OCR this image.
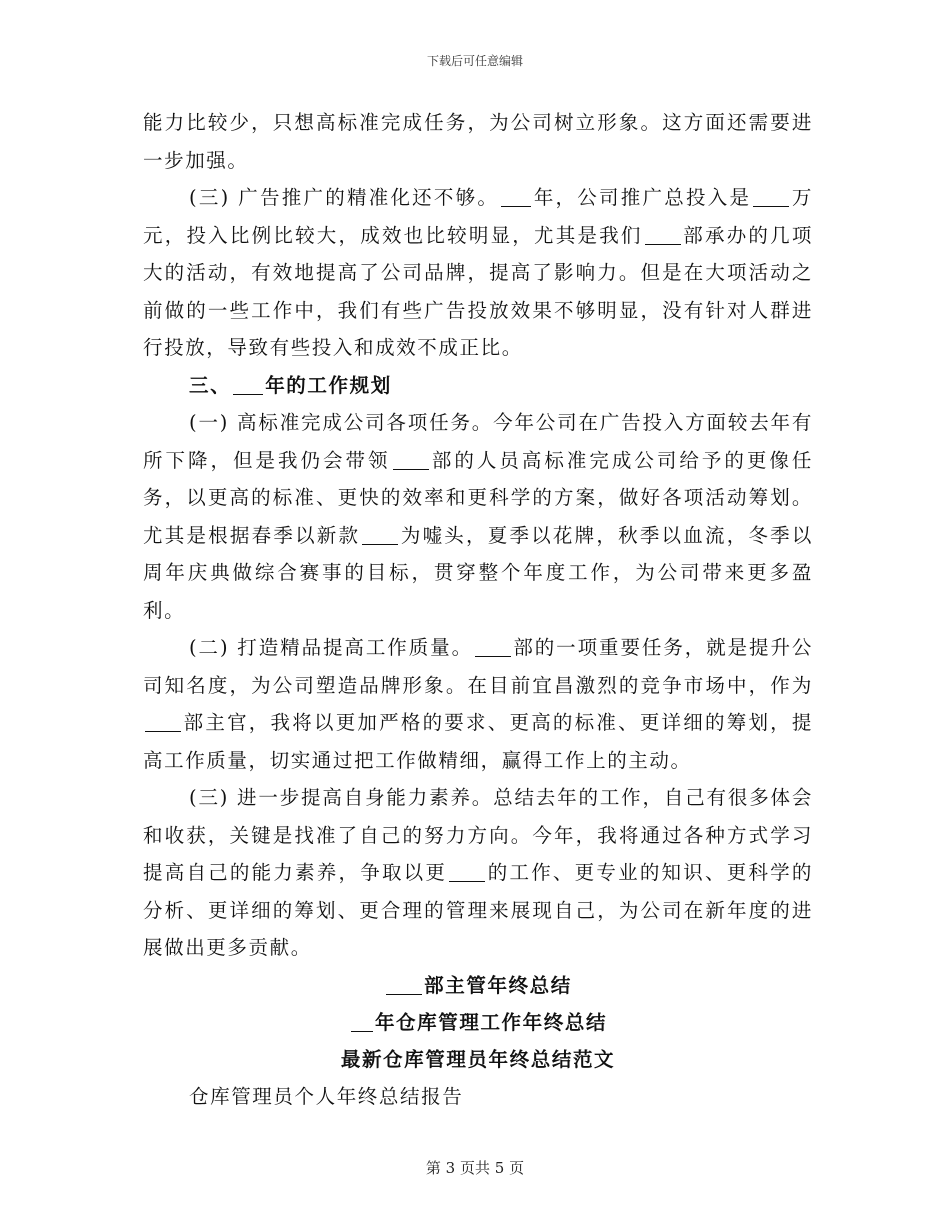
下载后可任意编辑

能力比较少，只想高标准完成任务，为公司树立形象。这方面还需要进一步加强。

(三) 广告推广的精准化还不够。 年，公司推广总投入是 万元，投入比例比较大，成效也比较明显，尤其是我们 部承办的几项大的活动，有效地提高了公司品牌，提高了影响力。但是在大项活动之前做的一些工作中，我们有些广告投放效果不够明显，没有针对人群进行投放，导致有些投入和成效不成正比。

三、 年的工作规划

(一) 高标准完成公司各项任务。今年公司在广告投入方面较去年有所下降，但是我仍会带领 部的人员高标准完成公司给予的更像任务，以更高的标准、更快的效率和更科学的方案，做好各项活动筹划。尤其是根据春季以新款 为嘘头，夏季以花牌，秋季以血流，冬季以周年庆典做综合赛事的目标，贯穿整个年度工作，为公司带来更多盈利。

(二) 打造精品提高工作质量。 部的一项重要任务，就是提升公司知名度，为公司塑造品牌形象。在目前宜昌激烈的竞争市场中，作为部主官，我将以更加严格的要求、更高的标准、更详细的筹划，提高工作质量，切实通过把工作做精细，赢得工作上的主动。

(三) 进一步提高自身能力素养。总结去年的工作，自己有很多体会和收获，关键是找准了自己的努力方向。今年，我将通过各种方式学习提高自己的能力素养，争取以更 的工作、更专业的知识、更科学的分析、更详细的筹划、更合理的管理来展现自己，为公司在新年度的进展做出更多贡献。

部主管年终总结

年仓库管理工作年终总结

最新仓库管理员年终总结范文

仓库管理员个人年终总结报告

第 3 页共 5 页
